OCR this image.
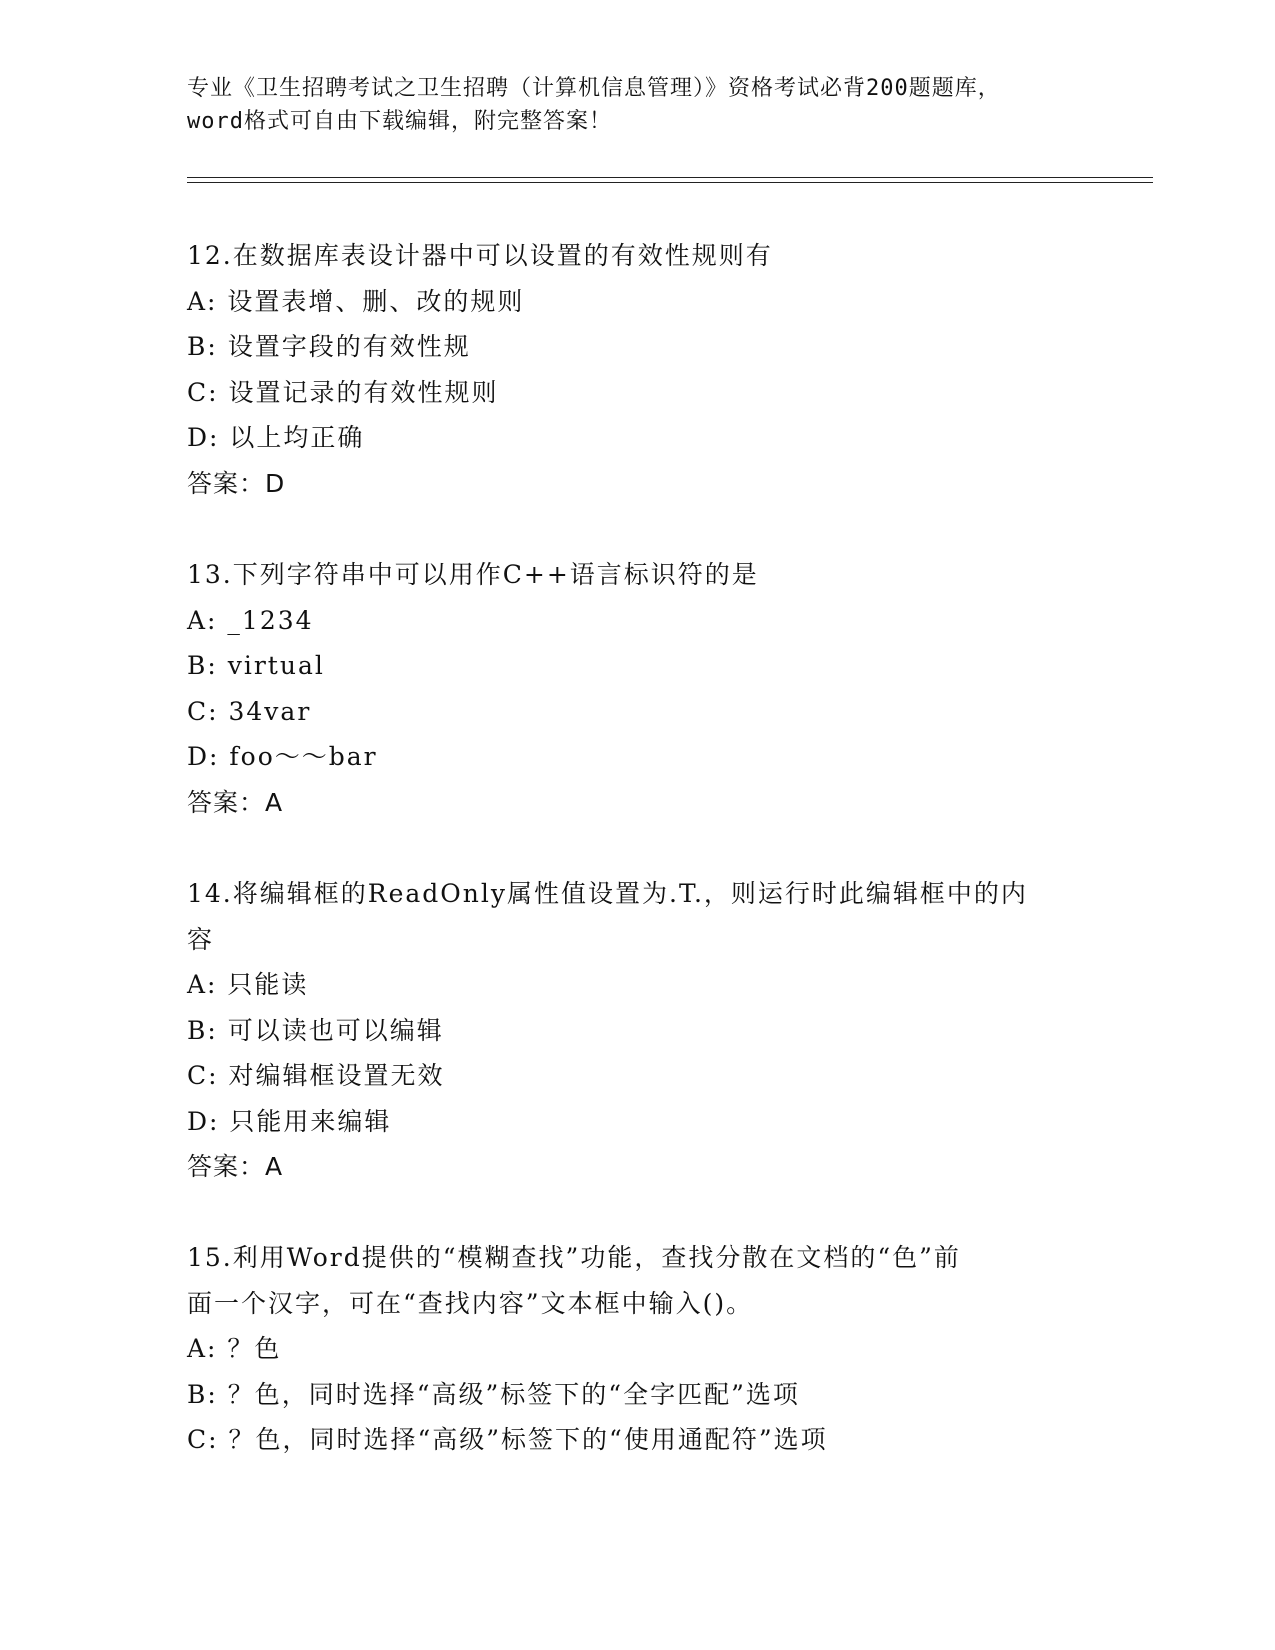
专业《卫生招聘考试之卫生招聘（计算机信息管理）》资格考试必背200题题库，
word格式可自由下载编辑，附完整答案！
12.在数据库表设计器中可以设置的有效性规则有
A: 设置表增、删、改的规则
B: 设置字段的有效性规
C: 设置记录的有效性规则
D: 以上均正确
答案：D
13.下列字符串中可以用作C++语言标识符的是
A: _1234
B: virtual
C: 34var
D: foo～～bar
答案：A
14.将编辑框的ReadOnly属性值设置为.T.，则运行时此编辑框中的内
容
A: 只能读
B: 可以读也可以编辑
C: 对编辑框设置无效
D: 只能用来编辑
答案：A
15.利用Word提供的“模糊查找”功能，查找分散在文档的“色”前
面一个汉字，可在“查找内容”文本框中输入()。
A: ？色
B: ？色，同时选择“高级”标签下的“全字匹配”选项
C: ？色，同时选择“高级”标签下的“使用通配符”选项
